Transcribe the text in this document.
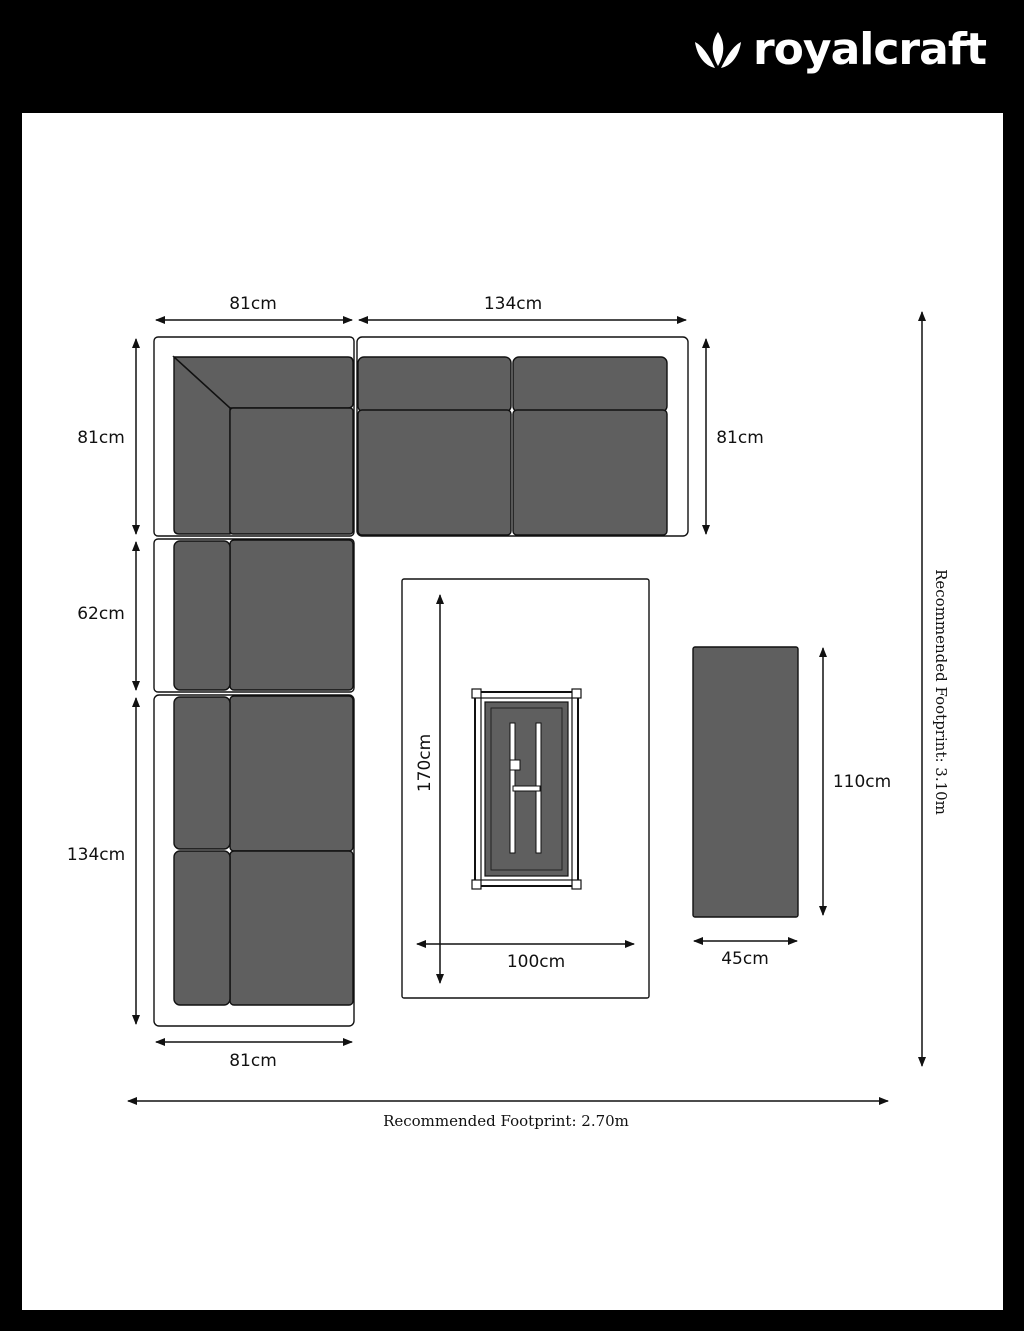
royalcraft
81cm	134cm
81cm	81cm
62cm
134cm
81cm
170cm
100cm
110cm
45cm
Recommended Footprint: 2.70m
Recommended Footprint: 3.10m
